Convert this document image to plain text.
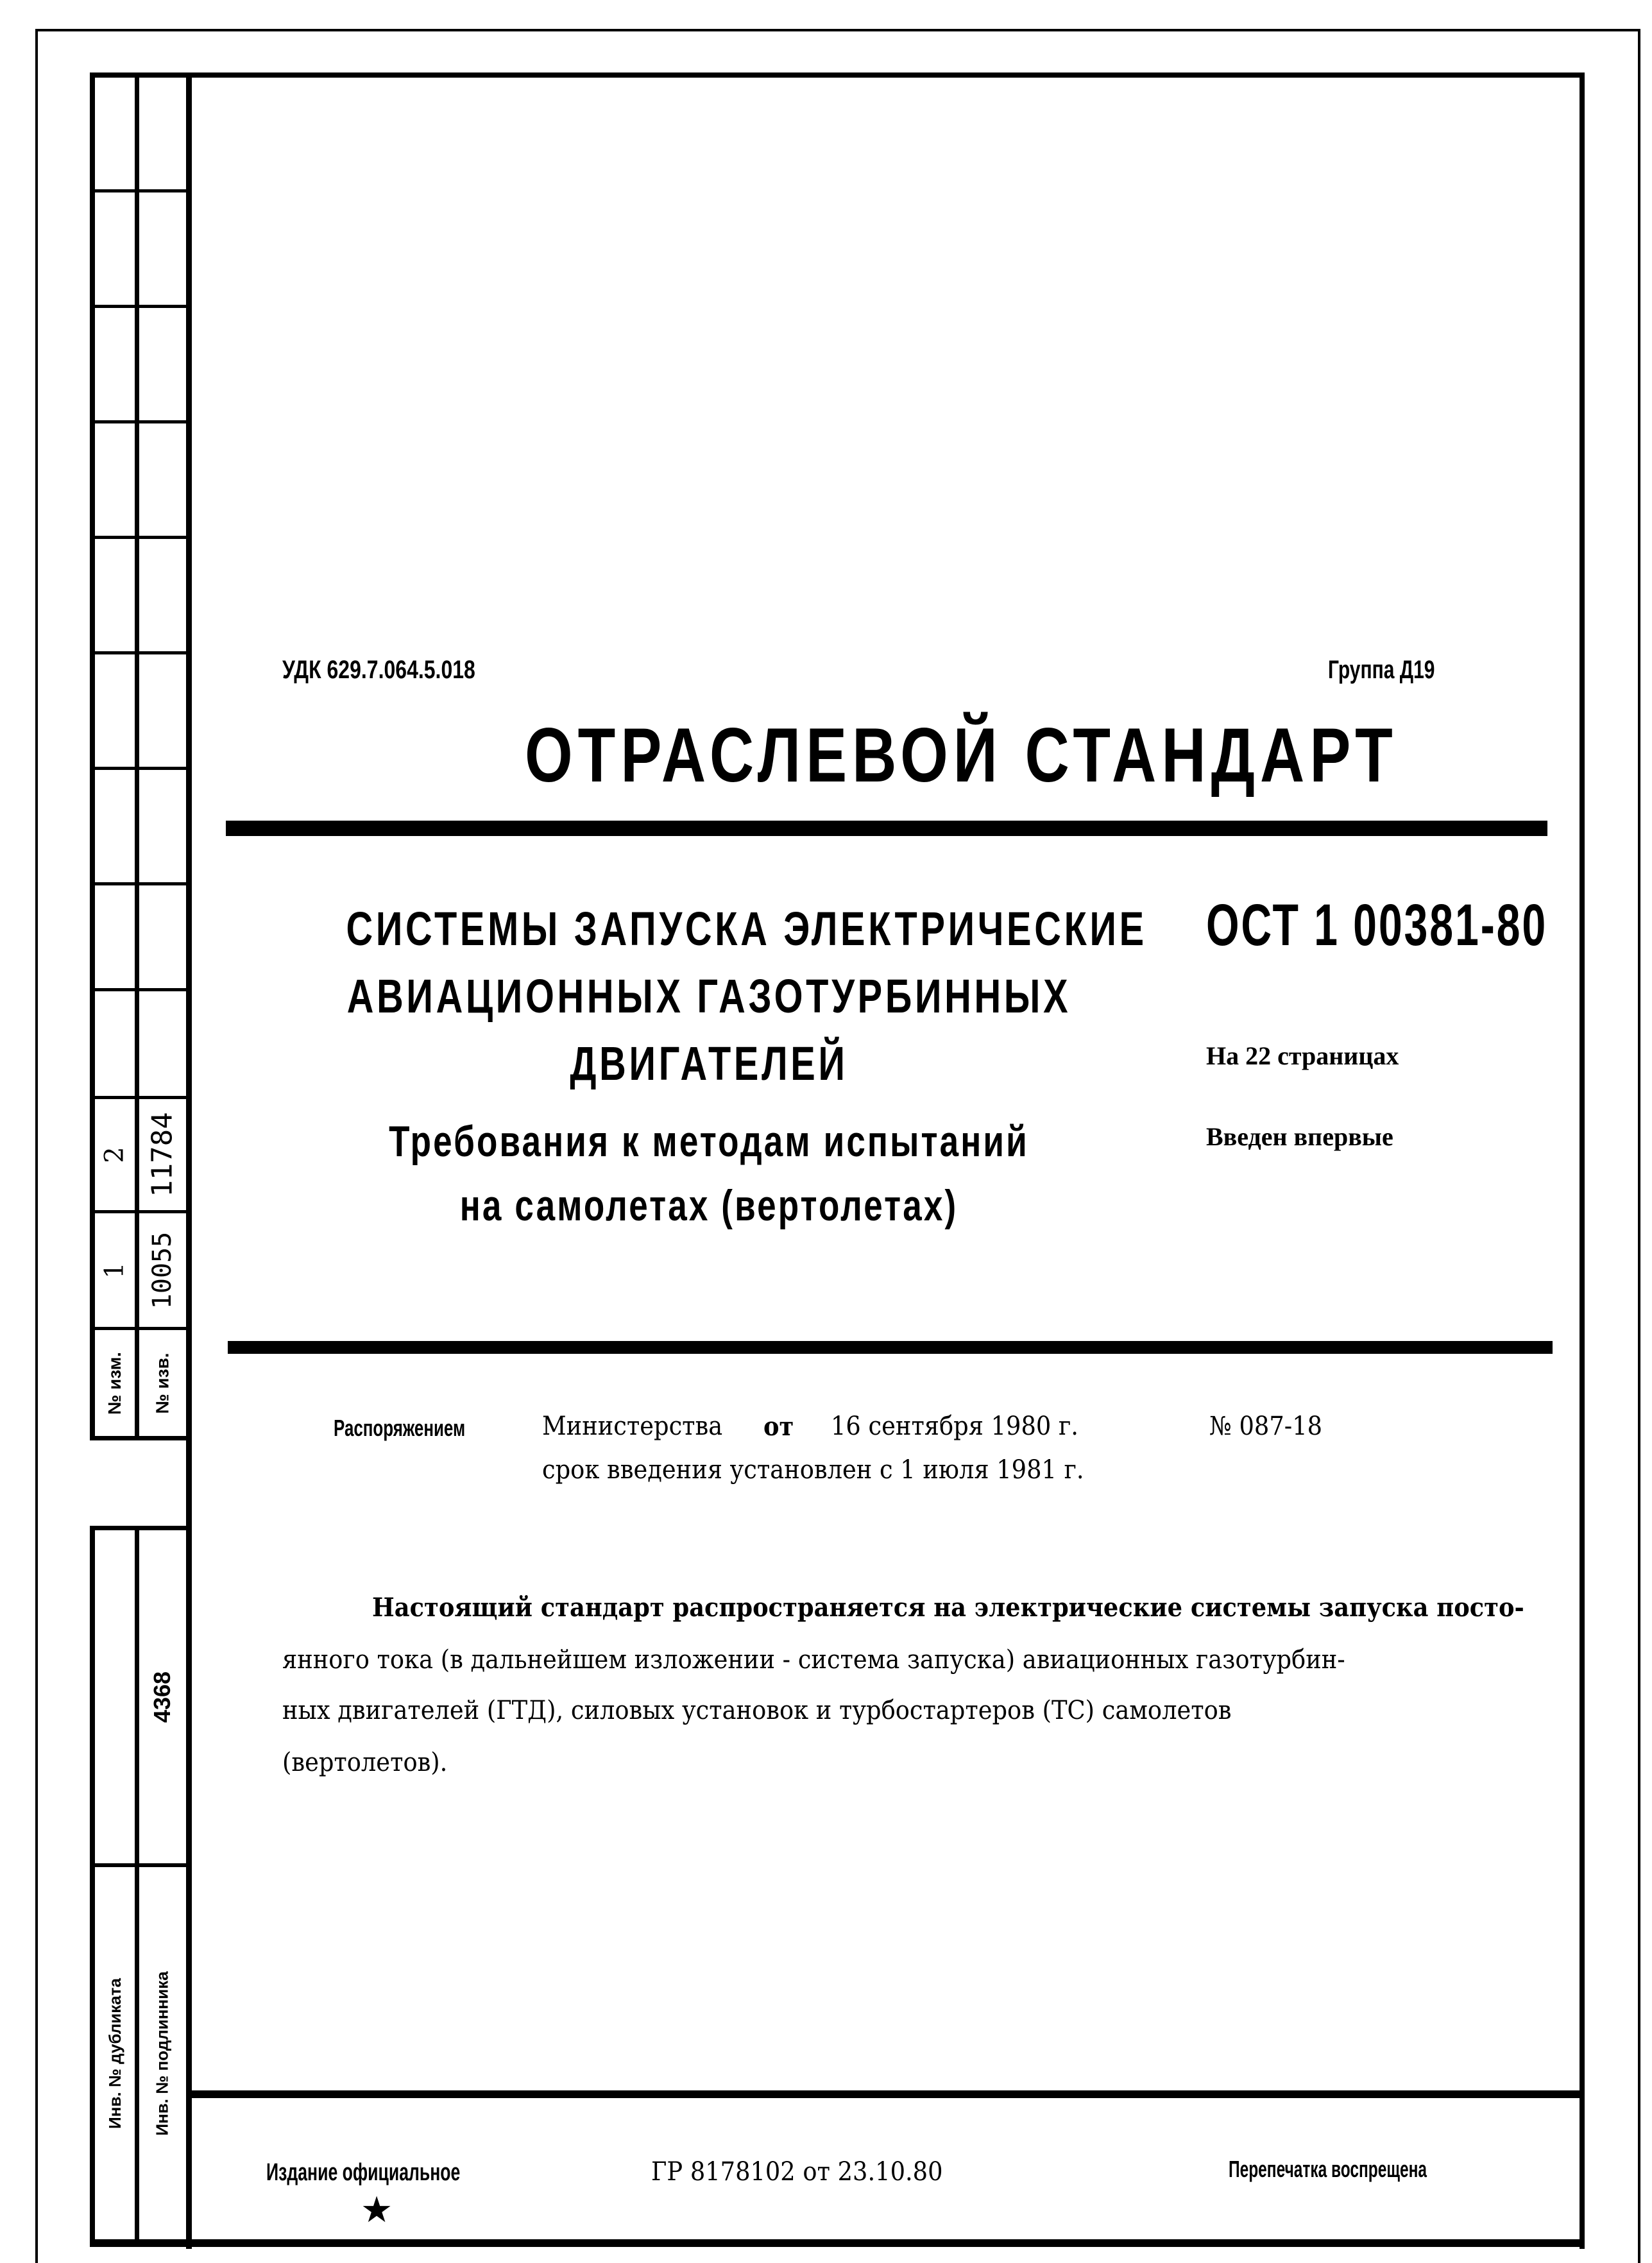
2 11784
1 10055
№ изм. № изв.
4368
Инв. № дубликата Инв. № подлинника
УДК 629.7.064.5.018	Группа Д19
ОТРАСЛЕВОЙ СТАНДАРТ
СИСТЕМЫ ЗАПУСКА ЭЛЕКТРИЧЕСКИЕ
АВИАЦИОННЫХ ГАЗОТУРБИННЫХ
ДВИГАТЕЛЕЙ
Требования к методам испытаний
на самолетах (вертолетах)
ОСТ 1 00381-80
На 22 страницах
Введен впервые
Распоряжением	Министерства от 16 сентября 1980 г.	№ 087-18
срок введения установлен с 1 июля 1981 г.
Настоящий стандарт распространяется на электрические системы запуска посто-
янного тока (в дальнейшем изложении - система запуска) авиационных газотурбин-
ных двигателей (ГТД), силовых установок и турбостартеров (ТС) самолетов
(вертолетов).
Издание официальное
★
ГР 8178102 от 23.10.80	Перепечатка воспрещена
